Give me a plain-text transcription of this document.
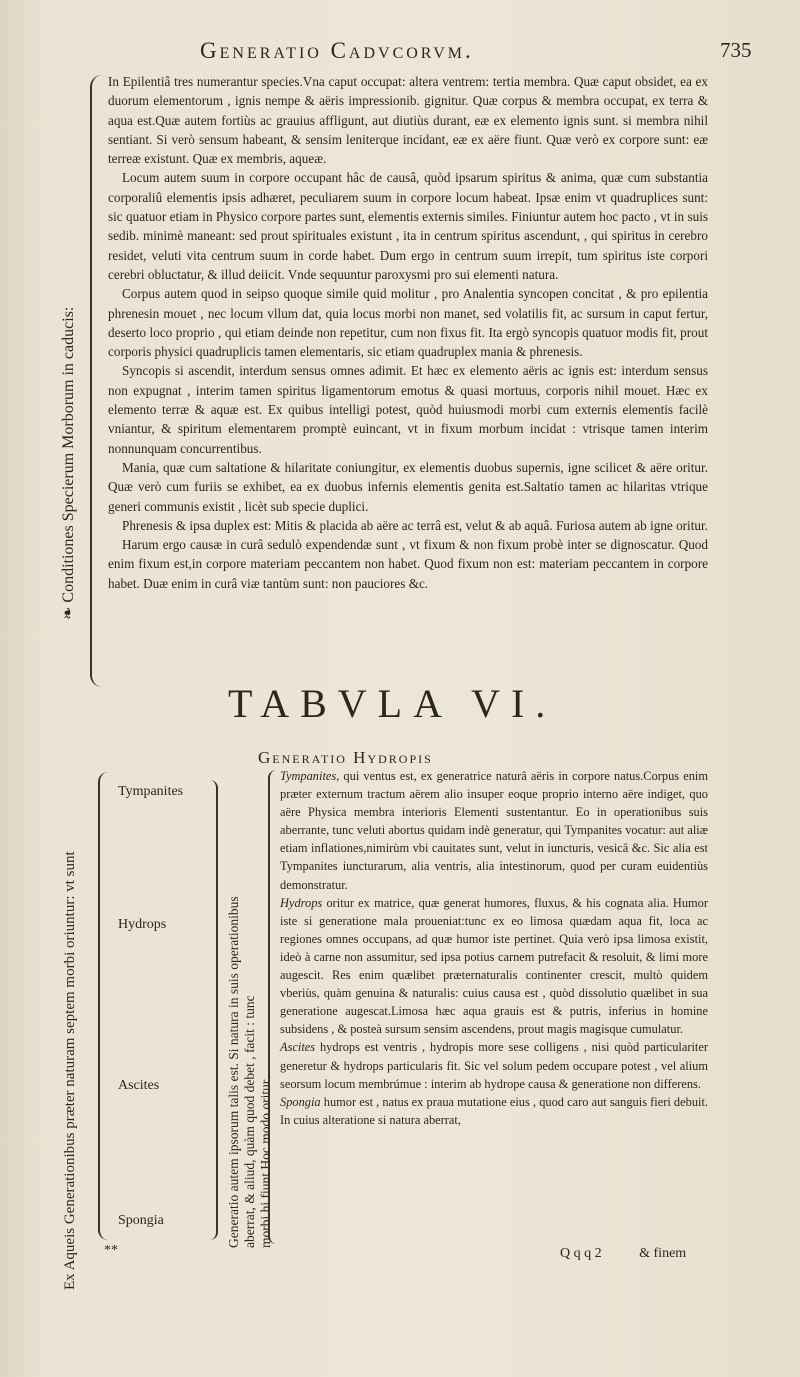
Generatio Cadvcorvm.	735
❧ Conditiones Specierum Morborum in caducis:

In Epilentiâ tres numerantur species.Vna caput occupat: altera ventrem: tertia membra. Quæ caput obsidet, ea ex duorum elementorum , ignis nempe & aëris impressionib. gignitur. Quæ corpus & membra occupat, ex terra & aqua est.Quæ autem fortiùs ac grauius affligunt, aut diutiùs durant, eæ ex elemento ignis sunt. si membra nihil sentiant. Si verò sensum habeant, & sensim leniterque incidant, eæ ex aëre fiunt. Quæ verò ex corpore sunt: eæ terreæ existunt. Quæ ex membris, aqueæ.

Locum autem suum in corpore occupant hâc de causâ, quòd ipsarum spiritus & anima, quæ cum substantia corporaliû elementis ipsis adhæret, peculiarem suum in corpore locum habeat. Ipsæ enim vt quadruplices sunt: sic quatuor etiam in Physico corpore partes sunt, elementis externis similes. Finiuntur autem hoc pacto , vt in suis sedib. minimè maneant: sed prout spirituales existunt , ita in centrum spiritus ascendunt, , qui spiritus in cerebro residet, veluti vita centrum suum in corde habet. Dum ergo in centrum suum irrepit, tum spiritus iste corpori cerebri obluctatur, & illud deiicit. Vnde sequuntur paroxysmi pro sui elementi natura.

Corpus autem quod in seipso quoque simile quid molitur , pro Analentia syncopen concitat , & pro epilentia phrenesin mouet , nec locum vllum dat, quia locus morbi non manet, sed volatilis fit, ac sursum in caput fertur, deserto loco proprio , qui etiam deinde non repetitur, cum non fixus fit. Ita ergò syncopis quatuor modis fit, prout corporis physici quadruplicis tamen elementaris, sic etiam quadruplex mania & phrenesis.

Syncopis si ascendit, interdum sensus omnes adimit. Et hæc ex elemento aëris ac ignis est: interdum sensus non expugnat , interim tamen spiritus ligamentorum emotus & quasi mortuus, corporis nihil mouet. Hæc ex elemento terræ & aquæ est. Ex quibus intelligi potest, quòd huiusmodi morbi cum externis elementis facilè vniantur, & spiritum elementarem promptè euincant, vt in fixum morbum incidat : vtrisque tamen interim nonnunquam concurrentibus.

Mania, quæ cum saltatione & hilaritate coniungitur, ex elementis duobus supernis, igne scilicet & aëre oritur. Quæ verò cum furiis se exhibet, ea ex duobus infernis elementis genita est.Saltatio tamen ac hilaritas vtrique generi communis existit , licèt sub specie duplici.

Phrenesis & ipsa duplex est: Mitis & placida ab aëre ac terrâ est, velut & ab aquâ. Furiosa autem ab igne oritur.

Harum ergo causæ in curâ sedulò expendendæ sunt , vt fixum & non fixum probè inter se dignoscatur. Quod enim fixum est,in corpore materiam peccantem non habet. Quod fixum non est: materiam peccantem in corpore habet. Duæ enim in curâ viæ tantùm sunt: non pauciores &c.

TABVLA VI.
Generatio Hydropis
Ex Aqueis Generationibus præter naturam septem morbi oriuntur: vt sunt **
Tympanites
Hydrops
Ascites
Spongia	Generatio autem ipsorum talis est. Si natura in suis operationibus aberrat, & aliud, quàm quod debet , facit : tunc morbi hi fiunt.Hoc modo oritur

Tympanites, qui ventus est, ex generatrice naturâ aëris in corpore natus.Corpus enim præter externum tractum aërem alio insuper eoque proprio interno aëre indiget, quo aëre Physica membra interioris Elementi sustentantur. Eo in operationibus suis aberrante, tunc veluti abortus quidam indè generatur, qui Tympanites vocatur: aut aliæ etiam inflationes,nimirùm vbi cauitates sunt, velut in iuncturis, vesicâ &c. Sic alia est Tympanites iuncturarum, alia ventris, alia intestinorum, quod per curam euidentiùs demonstratur.

Hydrops oritur ex matrice, quæ generat humores, fluxus, & his cognata alia. Humor iste si generatione mala proueniat:tunc ex eo limosa quædam aqua fit, loca ac regiones omnes occupans, ad quæ humor iste pertinet. Quia verò ipsa limosa existit, ideò à carne non assumitur, sed ipsa potius carnem putrefacit & resoluit, & limi more augescit. Res enim quælibet præternaturalis continenter crescit, multò quidem vberiùs, quàm genuina & naturalis: cuius causa est , quòd dissolutio quælibet in sua generatione augescat.Limosa hæc aqua grauis est & putris, inferius in homine subsidens , & posteà sursum sensim ascendens, prout magis magisque cumulatur.

Ascites hydrops est ventris , hydropis more sese colligens , nisi quòd particulariter generetur & hydrops particularis fit. Sic vel solum pedem occupare potest , vel alium seorsum locum membrúmue : interim ab hydrope causa & generatione non differens.

Spongia humor est , natus ex praua mutatione eius , quod caro aut sanguis fieri debuit. In cuius alteratione si natura aberrat,

Q q q 2	& finem
